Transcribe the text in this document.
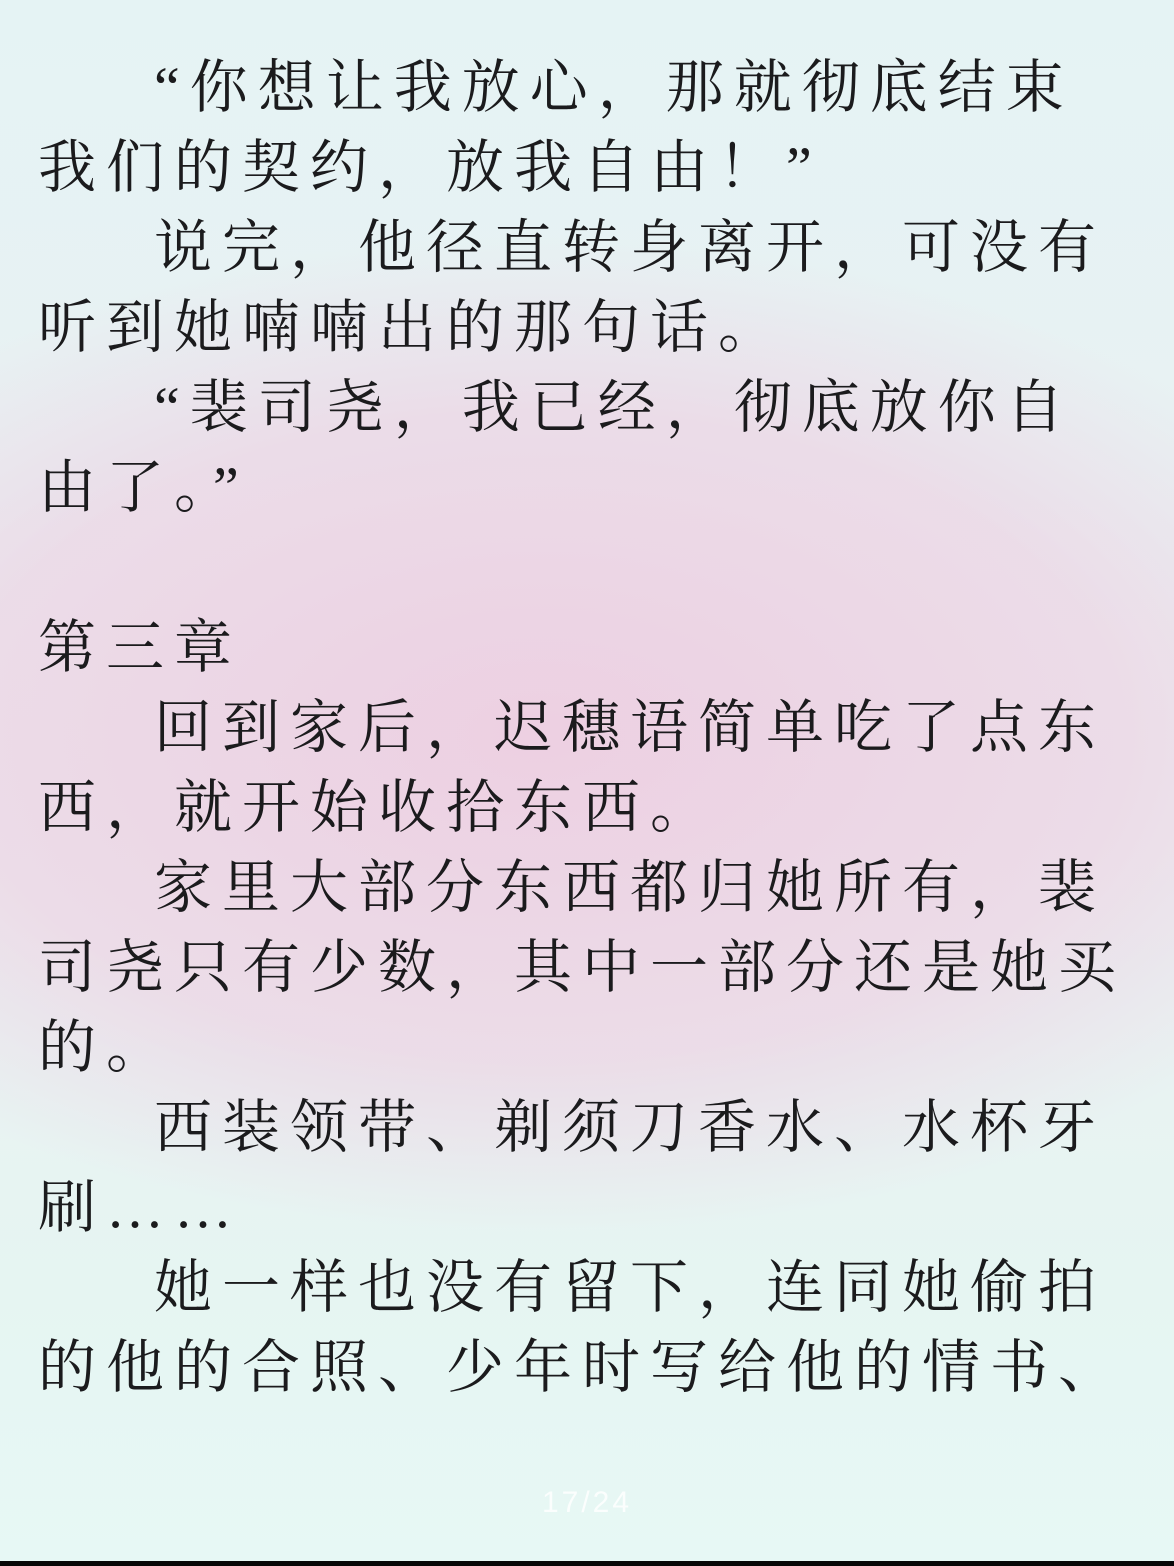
“你想让我放心，那就彻底结束
我们的契约，放我自由！”
说完，他径直转身离开，可没有
听到她喃喃出的那句话。
“裴司尧，我已经，彻底放你自
由了。”
第三章
回到家后，迟穗语简单吃了点东
西，就开始收拾东西。
家里大部分东西都归她所有，裴
司尧只有少数，其中一部分还是她买
的。
西装领带、剃须刀香水、水杯牙
刷……
她一样也没有留下，连同她偷拍
的他的合照、少年时写给他的情书、
17/24
